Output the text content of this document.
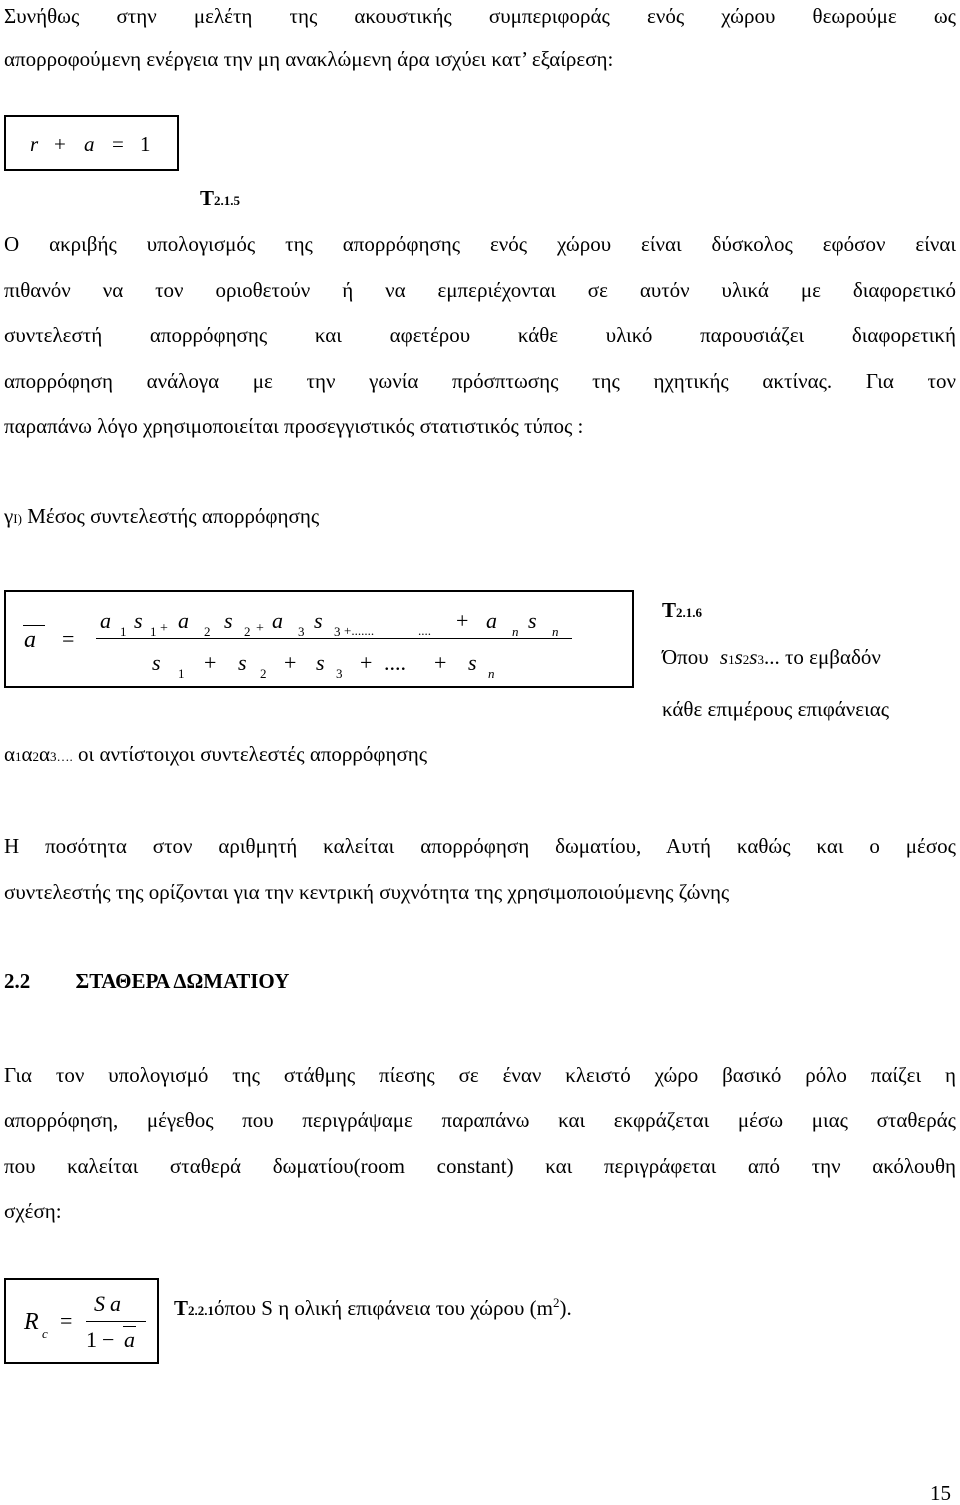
Συνήθως στην μελέτη της ακουστικής συμπεριφοράς ενός χώρου θεωρούμε ως
απορροφούμενη ενέργεια την μη ανακλώμενη άρα ισχύει κατ’ εξαίρεση:
r + a = 1
T2.1.5
Ο ακριβής υπολογισμός της απορρόφησης ενός χώρου είναι δύσκολος εφόσον είναι
πιθανόν να τον οριοθετούν ή να εμπεριέχονται σε αυτόν υλικά με διαφορετικό
συντελεστή απορρόφησης και αφετέρου κάθε υλικό παρουσιάζει διαφορετική
απορρόφηση ανάλογα με την γωνία πρόσπτωσης της ηχητικής ακτίνας. Για τον
παραπάνω λόγο χρησιμοποιείται προσεγγιστικός στατιστικός τύπος :
γI) Μέσος συντελεστής απορρόφησης
a =
a 1 s 1 + a 2 s 2 + a 3 s 3 +.......	.... + a n s n
s 1 + s 2 + s 3 + .... + s n
T2.1.6
Όπου s1s2s3... το εμβαδόν
κάθε επιμέρους επιφάνειας
α1α2α3…. οι αντίστοιχοι συντελεστές απορρόφησης
Η ποσότητα στον αριθμητή καλείται απορρόφηση δωματίου, Αυτή καθώς και ο μέσος
συντελεστής της ορίζονται για την κεντρική συχνότητα της χρησιμοποιούμενης ζώνης
2.2 ΣΤΑΘΕΡΑ ΔΩΜΑΤΙΟΥ
Για τον υπολογισμό της στάθμης πίεσης σε έναν κλειστό χώρο βασικό ρόλο παίζει η
απορρόφηση, μέγεθος που περιγράψαμε παραπάνω και εκφράζεται μέσω μιας σταθεράς
που καλείται σταθερά δωματίου(room constant) και περιγράφεται από την ακόλουθη
σχέση:
R c
=
S a
1 − a
T2.2.1όπου S η ολική επιφάνεια του χώρου $(m^2)$.
15
